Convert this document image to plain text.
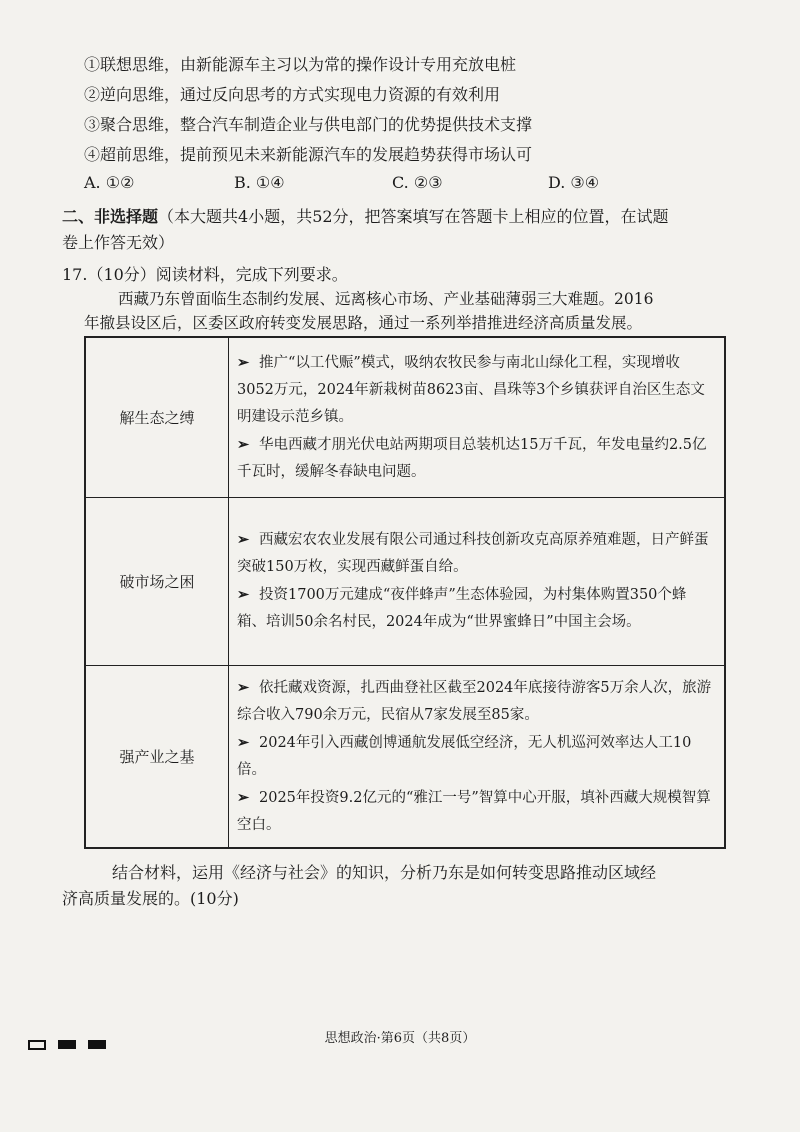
①联想思维，由新能源车主习以为常的操作设计专用充放电桩
②逆向思维，通过反向思考的方式实现电力资源的有效利用
③聚合思维，整合汽车制造企业与供电部门的优势提供技术支撑
④超前思维，提前预见未来新能源汽车的发展趋势获得市场认可
A. ①②	B. ①④	C. ②③	D. ③④
二、非选择题（本大题共4小题，共52分，把答案填写在答题卡上相应的位置，在试题
卷上作答无效）
17.（10分）阅读材料，完成下列要求。
西藏乃东曾面临生态制约发展、远离核心市场、产业基础薄弱三大难题。2016
年撤县设区后，区委区政府转变发展思路，通过一系列举措推进经济高质量发展。
解生态之缚	➢ 推广“以工代赈”模式，吸纳农牧民参与南北山绿化工程，实现增收3052万元，2024年新栽树苗8623亩、昌珠等3个乡镇获评自治区生态文明建设示范乡镇。

➢ 华电西藏才朋光伏电站两期项目总装机达15万千瓦，年发电量约2.5亿千瓦时，缓解冬春缺电问题。

破市场之困	➢ 西藏宏农农业发展有限公司通过科技创新攻克高原养殖难题，日产鲜蛋突破150万枚，实现西藏鲜蛋自给。

➢ 投资1700万元建成“夜伴蜂声”生态体验园，为村集体购置350个蜂箱、培训50余名村民，2024年成为“世界蜜蜂日”中国主会场。

强产业之基	➢ 依托藏戏资源，扎西曲登社区截至2024年底接待游客5万余人次，旅游综合收入790余万元，民宿从7家发展至85家。

➢ 2024年引入西藏创博通航发展低空经济，无人机巡河效率达人工10倍。

➢ 2025年投资9.2亿元的“雅江一号”智算中心开服，填补西藏大规模智算空白。

结合材料，运用《经济与社会》的知识，分析乃东是如何转变思路推动区域经
济高质量发展的。(10分)
思想政治·第6页（共8页）
